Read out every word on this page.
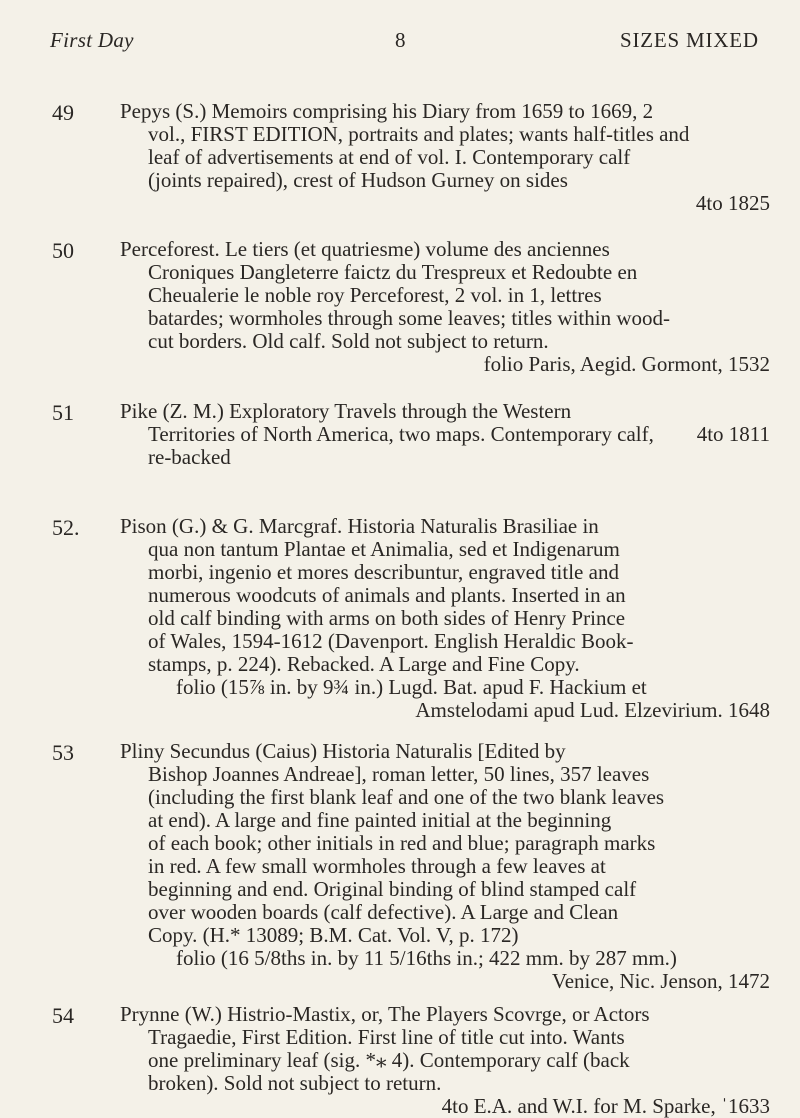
First Day	8	SIZES MIXED
49 Pepys (S.) Memoirs comprising his Diary from 1659 to 1669, 2
vol., FIRST EDITION, portraits and plates; wants half-titles and
leaf of advertisements at end of vol. I. Contemporary calf
(joints repaired), crest of Hudson Gurney on sides
4to 1825
50 Perceforest. Le tiers (et quatriesme) volume des anciennes
Croniques Dangleterre faictz du Trespreux et Redoubte en
Cheualerie le noble roy Perceforest, 2 vol. in 1, lettres
batardes; wormholes through some leaves; titles within wood-
cut borders. Old calf. Sold not subject to return.
folio Paris, Aegid. Gormont, 1532
51 Pike (Z. M.) Exploratory Travels through the Western
Territories of North America, two maps. Contemporary calf,
re-backed
4to 1811
52. Pison (G.) & G. Marcgraf. Historia Naturalis Brasiliae in
qua non tantum Plantae et Animalia, sed et Indigenarum
morbi, ingenio et mores describuntur, engraved title and
numerous woodcuts of animals and plants. Inserted in an
old calf binding with arms on both sides of Henry Prince
of Wales, 1594-1612 (Davenport. English Heraldic Book-
stamps, p. 224). Rebacked. A Large and Fine Copy.
folio (15⅞ in. by 9¾ in.) Lugd. Bat. apud F. Hackium et
Amstelodami apud Lud. Elzevirium. 1648
53 Pliny Secundus (Caius) Historia Naturalis [Edited by
Bishop Joannes Andreae], roman letter, 50 lines, 357 leaves
(including the first blank leaf and one of the two blank leaves
at end). A large and fine painted initial at the beginning
of each book; other initials in red and blue; paragraph marks
in red. A few small wormholes through a few leaves at
beginning and end. Original binding of blind stamped calf
over wooden boards (calf defective). A Large and Clean
Copy. (H.* 13089; B.M. Cat. Vol. V, p. 172)
folio (16 5/8ths in. by 11 5/16ths in.; 422 mm. by 287 mm.)
Venice, Nic. Jenson, 1472
54 Prynne (W.) Histrio-Mastix, or, The Players Scovrge, or Actors
Tragaedie, First Edition. First line of title cut into. Wants
one preliminary leaf (sig. *⁎ 4). Contemporary calf (back
broken). Sold not subject to return.
4to E.A. and W.I. for M. Sparke, ˈ1633
